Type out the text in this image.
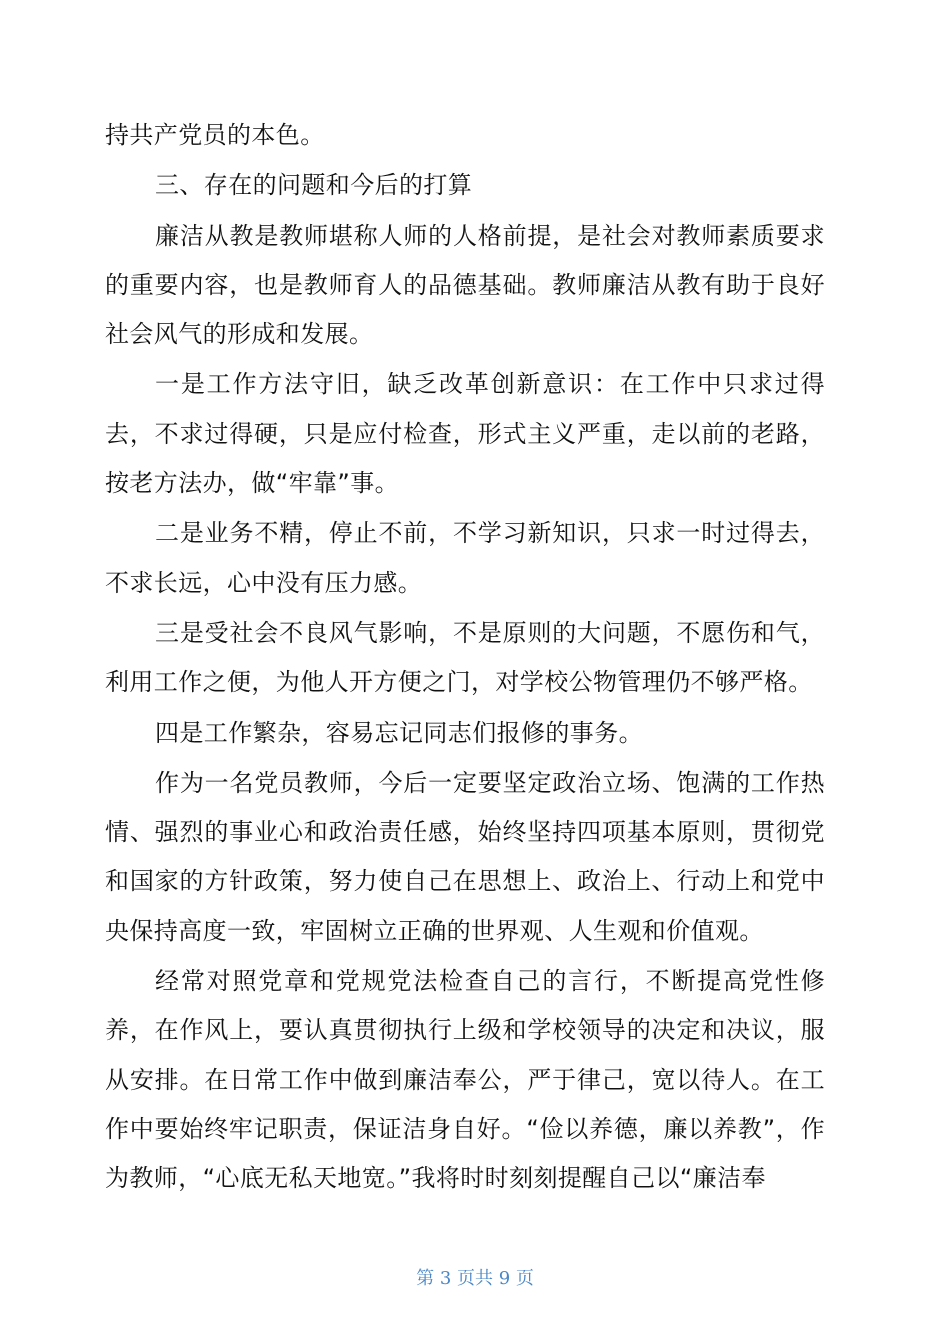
持共产党员的本色。

三、存在的问题和今后的打算

廉洁从教是教师堪称人师的人格前提，是社会对教师素质要求的重要内容，也是教师育人的品德基础。教师廉洁从教有助于良好社会风气的形成和发展。

一是工作方法守旧，缺乏改革创新意识：在工作中只求过得去，不求过得硬，只是应付检查，形式主义严重，走以前的老路，按老方法办，做“牢靠”事。

二是业务不精，停止不前，不学习新知识，只求一时过得去，不求长远，心中没有压力感。

三是受社会不良风气影响，不是原则的大问题，不愿伤和气，利用工作之便，为他人开方便之门，对学校公物管理仍不够严格。

四是工作繁杂，容易忘记同志们报修的事务。

作为一名党员教师，今后一定要坚定政治立场、饱满的工作热情、强烈的事业心和政治责任感，始终坚持四项基本原则，贯彻党和国家的方针政策，努力使自己在思想上、政治上、行动上和党中央保持高度一致，牢固树立正确的世界观、人生观和价值观。

经常对照党章和党规党法检查自己的言行，不断提高党性修养，在作风上，要认真贯彻执行上级和学校领导的决定和决议，服从安排。在日常工作中做到廉洁奉公，严于律己，宽以待人。在工作中要始终牢记职责，保证洁身自好。“俭以养德，廉以养教”，作为教师，“心底无私天地宽。”我将时时刻刻提醒自己以“廉洁奉

第 3 页共 9 页
